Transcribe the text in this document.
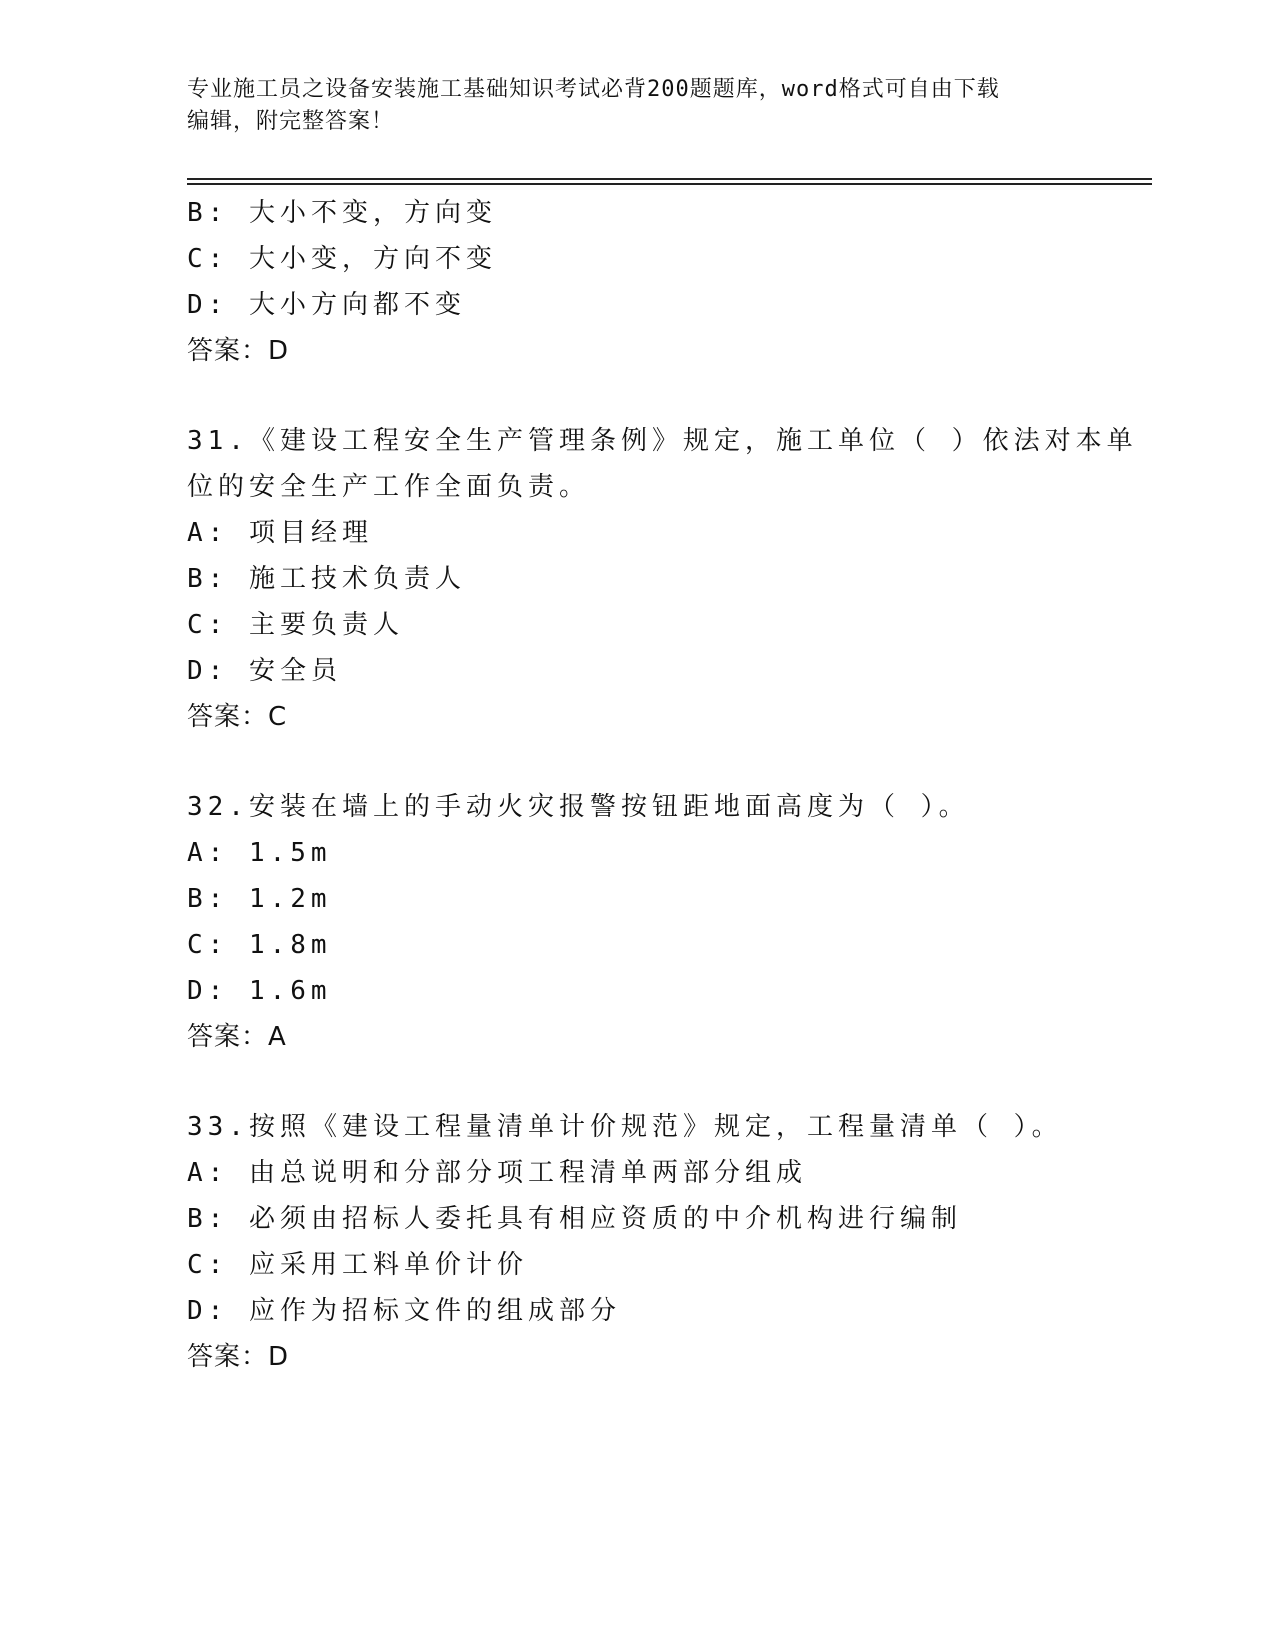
专业施工员之设备安装施工基础知识考试必背200题题库，word格式可自由下载
编辑，附完整答案！
B: 大小不变，方向变
C: 大小变，方向不变
D: 大小方向都不变
答案：D
31.《建设工程安全生产管理条例》规定，施工单位（ ）依法对本单
位的安全生产工作全面负责。
A: 项目经理
B: 施工技术负责人
C: 主要负责人
D: 安全员
答案：C
32.安装在墙上的手动火灾报警按钮距地面高度为（ ）。
A: 1.5m
B: 1.2m
C: 1.8m
D: 1.6m
答案：A
33.按照《建设工程量清单计价规范》规定，工程量清单（ ）。
A: 由总说明和分部分项工程清单两部分组成
B: 必须由招标人委托具有相应资质的中介机构进行编制
C: 应采用工料单价计价
D: 应作为招标文件的组成部分
答案：D
